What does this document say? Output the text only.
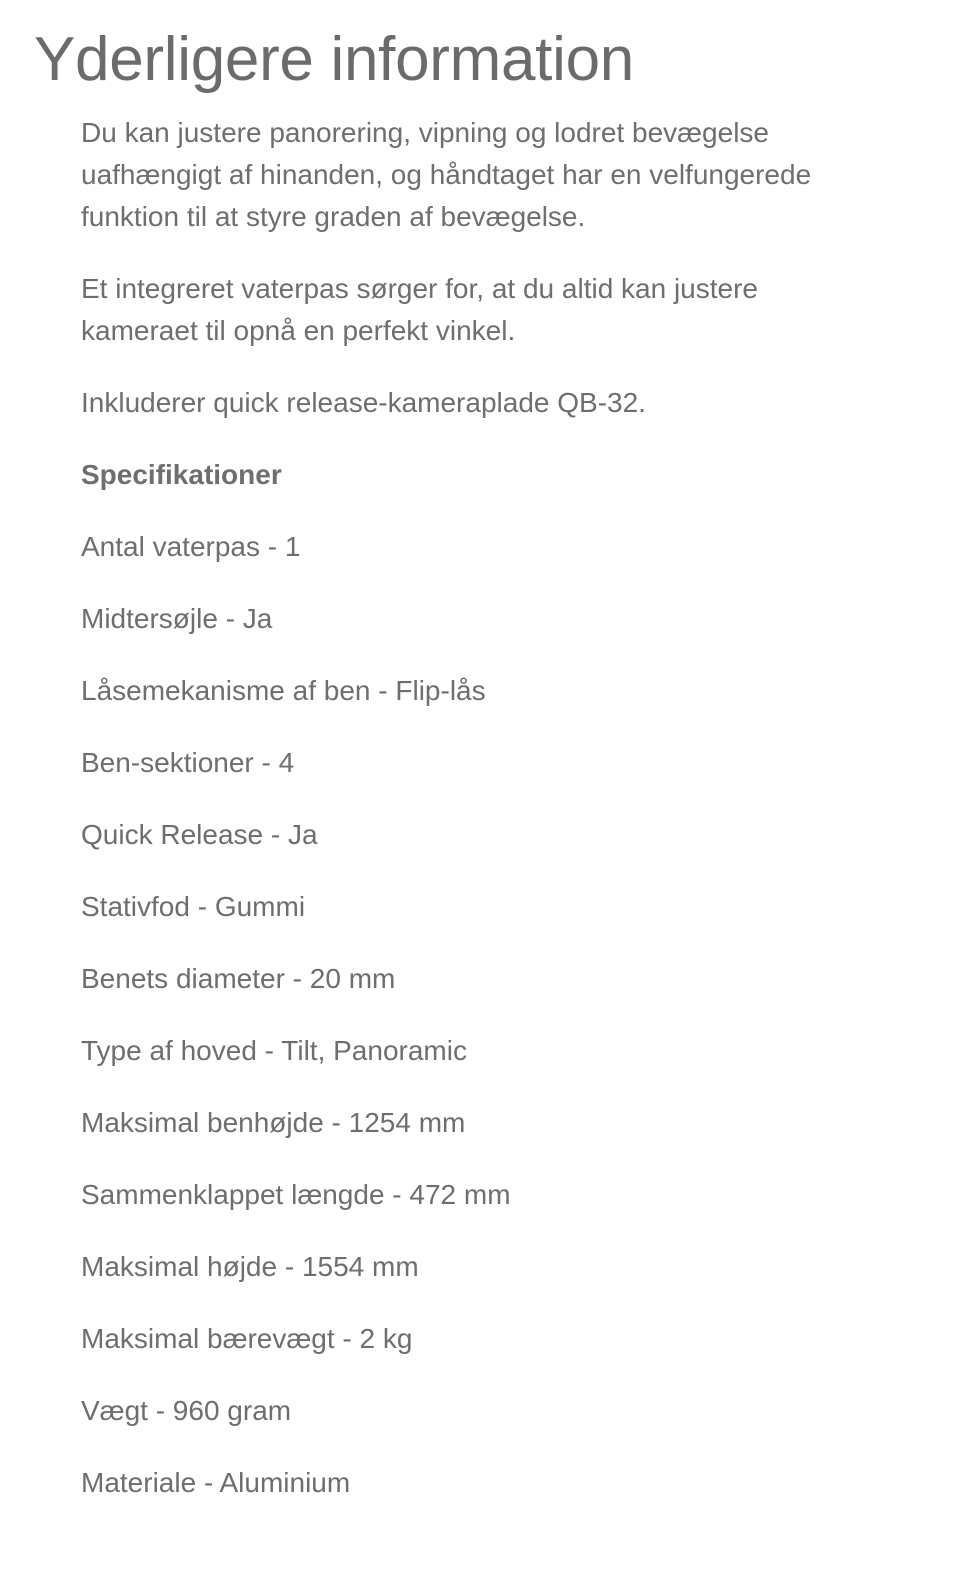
Yderligere information

Du kan justere panorering, vipning og lodret bevægelse uafhængigt af hinanden, og håndtaget har en velfungerede funktion til at styre graden af bevægelse.

Et integreret vaterpas sørger for, at du altid kan justere kameraet til opnå en perfekt vinkel.

Inkluderer quick release-kameraplade QB-32.

Specifikationer
Antal vaterpas - 1
Midtersøjle - Ja
Låsemekanisme af ben - Flip-lås
Ben-sektioner - 4
Quick Release - Ja
Stativfod - Gummi
Benets diameter - 20 mm
Type af hoved - Tilt, Panoramic
Maksimal benhøjde - 1254 mm
Sammenklappet længde - 472 mm
Maksimal højde - 1554 mm
Maksimal bærevægt - 2 kg
Vægt - 960 gram
Materiale - Aluminium
